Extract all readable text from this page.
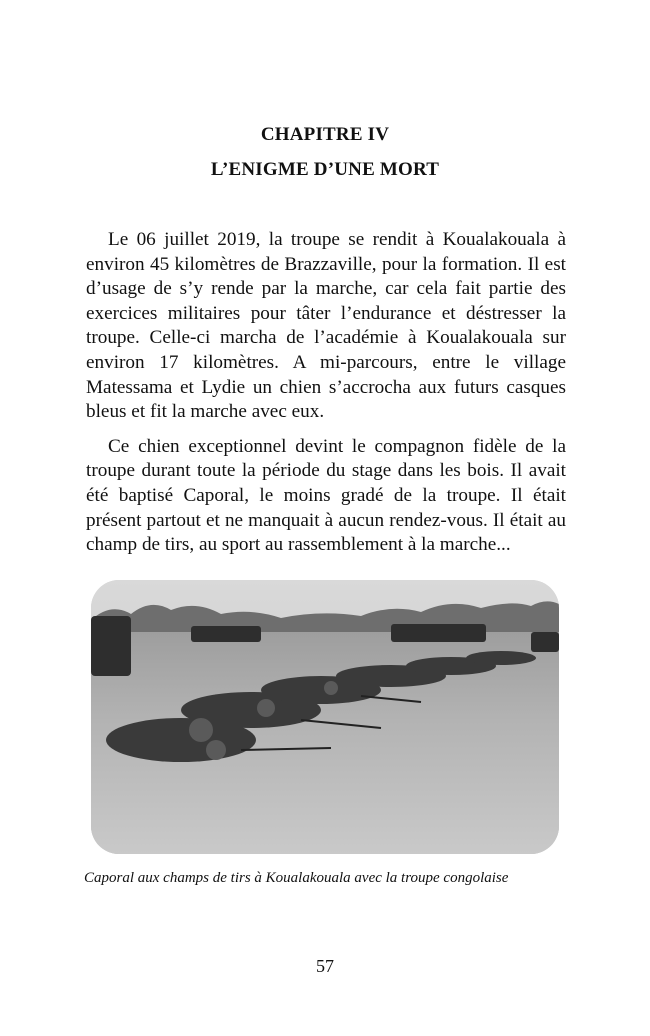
CHAPITRE IV
L’ENIGME D’UNE MORT

Le 06 juillet 2019, la troupe se rendit à Koualakouala à environ 45 kilomètres de Brazzaville, pour la formation. Il est d’usage de s’y rende par la marche, car cela fait partie des exercices militaires pour tâter l’endurance et déstresser la troupe. Celle-ci marcha de l’académie à Koualakouala sur environ 17 kilomètres. A mi-parcours, entre le village Matessama et Lydie un chien s’accrocha aux futurs casques bleus et fit la marche avec eux.

Ce chien exceptionnel devint le compagnon fidèle de la troupe durant toute la période du stage dans les bois. Il avait été baptisé Caporal, le moins gradé de la troupe. Il était présent partout et ne manquait à aucun rendez-vous. Il était au champ de tirs, au sport au rassemblement à la marche...

Caporal aux champs de tirs à Koualakouala avec la troupe congolaise
57
